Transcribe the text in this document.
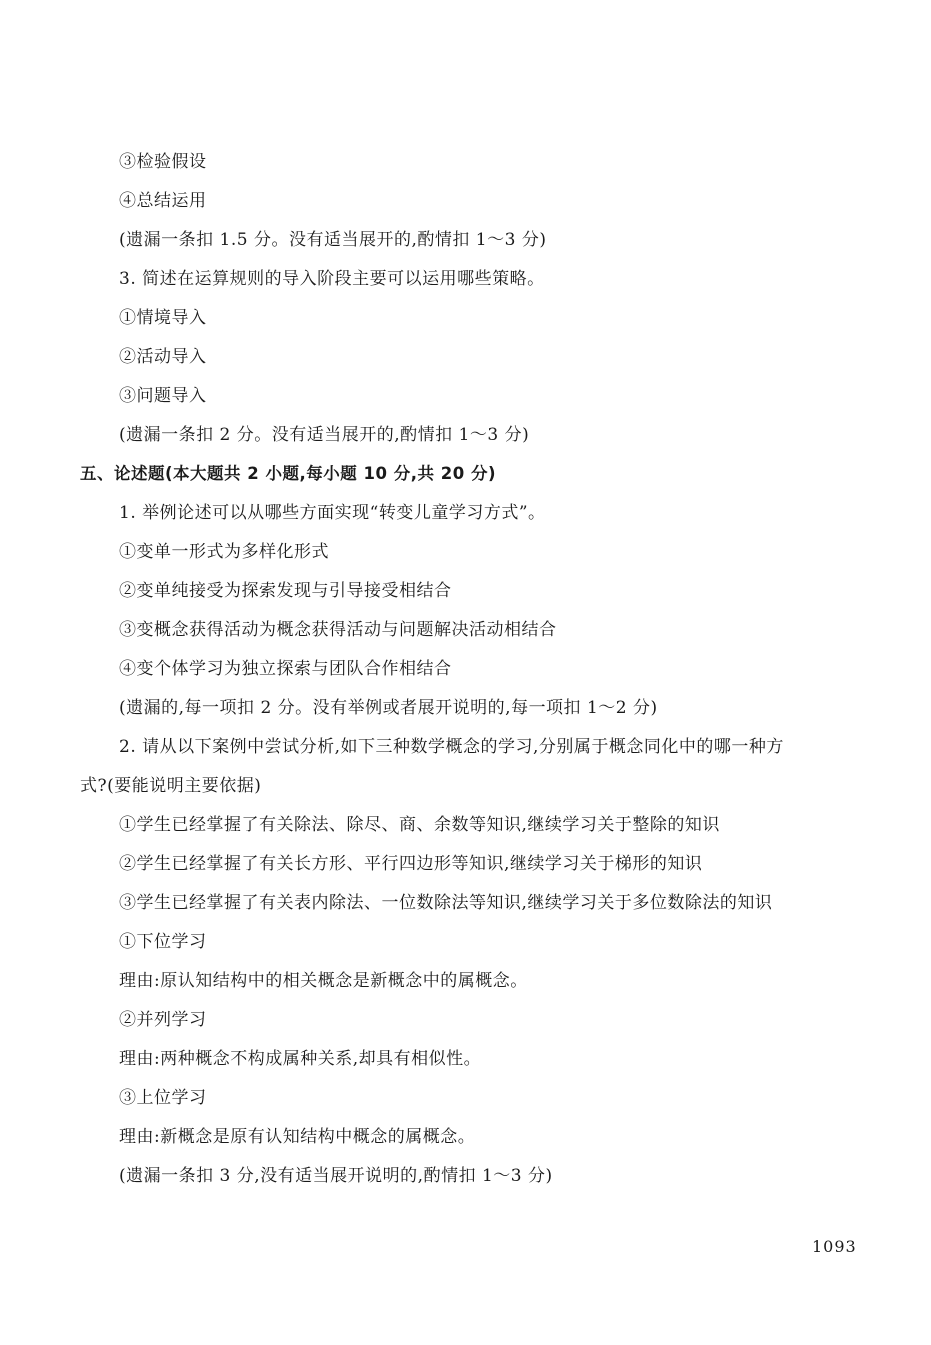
③检验假设
④总结运用
(遗漏一条扣 1.5 分。没有适当展开的,酌情扣 1～3 分)
3. 简述在运算规则的导入阶段主要可以运用哪些策略。
①情境导入
②活动导入
③问题导入
(遗漏一条扣 2 分。没有适当展开的,酌情扣 1～3 分)
五、论述题(本大题共 2 小题,每小题 10 分,共 20 分)
1. 举例论述可以从哪些方面实现“转变儿童学习方式”。
①变单一形式为多样化形式
②变单纯接受为探索发现与引导接受相结合
③变概念获得活动为概念获得活动与问题解决活动相结合
④变个体学习为独立探索与团队合作相结合
(遗漏的,每一项扣 2 分。没有举例或者展开说明的,每一项扣 1～2 分)
2. 请从以下案例中尝试分析,如下三种数学概念的学习,分别属于概念同化中的哪一种方
式?(要能说明主要依据)
①学生已经掌握了有关除法、除尽、商、余数等知识,继续学习关于整除的知识
②学生已经掌握了有关长方形、平行四边形等知识,继续学习关于梯形的知识
③学生已经掌握了有关表内除法、一位数除法等知识,继续学习关于多位数除法的知识
①下位学习
理由:原认知结构中的相关概念是新概念中的属概念。
②并列学习
理由:两种概念不构成属种关系,却具有相似性。
③上位学习
理由:新概念是原有认知结构中概念的属概念。
(遗漏一条扣 3 分,没有适当展开说明的,酌情扣 1～3 分)
1093
